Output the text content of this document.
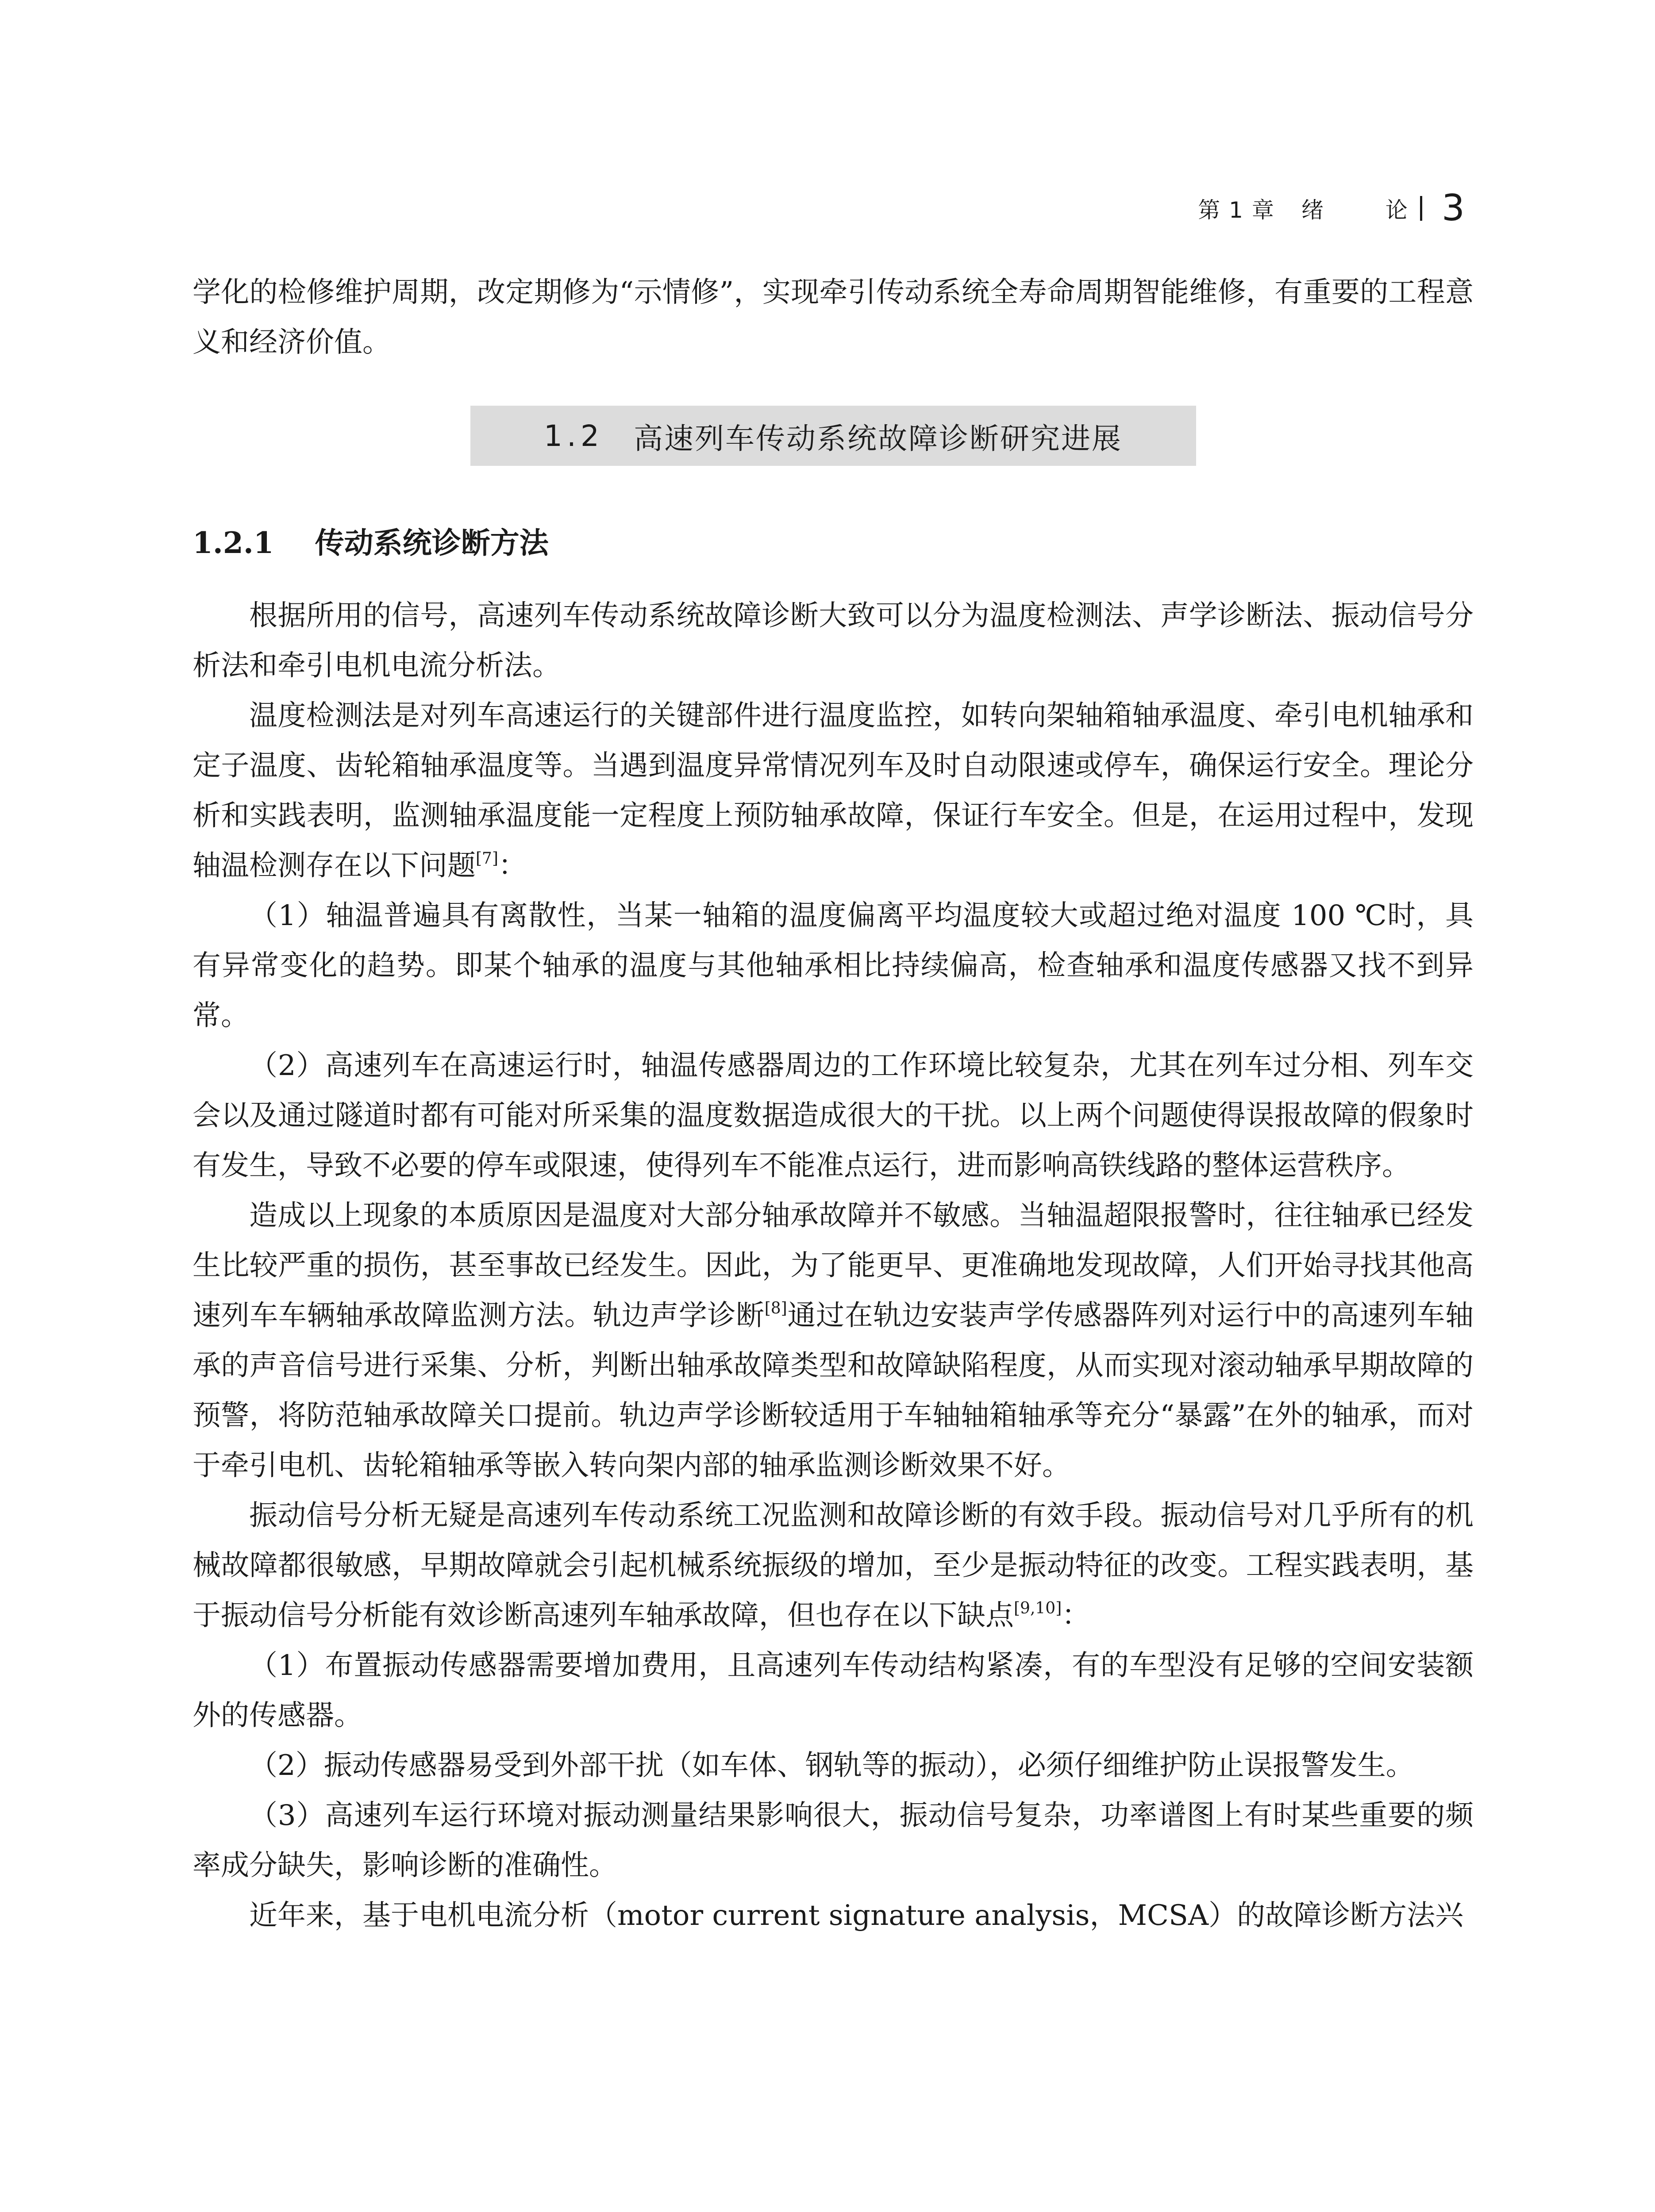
第 1 章 绪	论 3

学化的检修维护周期，改定期修为“示情修”，实现牵引传动系统全寿命周期智能维修，有重要的工程意义和经济价值。

1.2 高速列车传动系统故障诊断研究进展
1.2.1 传动系统诊断方法

根据所用的信号，高速列车传动系统故障诊断大致可以分为温度检测法、声学诊断法、振动信号分析法和牵引电机电流分析法。

温度检测法是对列车高速运行的关键部件进行温度监控，如转向架轴箱轴承温度、牵引电机轴承和定子温度、齿轮箱轴承温度等。当遇到温度异常情况列车及时自动限速或停车，确保运行安全。理论分析和实践表明，监测轴承温度能一定程度上预防轴承故障，保证行车安全。但是，在运用过程中，发现轴温检测存在以下问题[7]：

（1）轴温普遍具有离散性，当某一轴箱的温度偏离平均温度较大或超过绝对温度 100 ℃时，具有异常变化的趋势。即某个轴承的温度与其他轴承相比持续偏高，检查轴承和温度传感器又找不到异常。

（2）高速列车在高速运行时，轴温传感器周边的工作环境比较复杂，尤其在列车过分相、列车交会以及通过隧道时都有可能对所采集的温度数据造成很大的干扰。以上两个问题使得误报故障的假象时有发生，导致不必要的停车或限速，使得列车不能准点运行，进而影响高铁线路的整体运营秩序。

造成以上现象的本质原因是温度对大部分轴承故障并不敏感。当轴温超限报警时，往往轴承已经发生比较严重的损伤，甚至事故已经发生。因此，为了能更早、更准确地发现故障，人们开始寻找其他高速列车车辆轴承故障监测方法。轨边声学诊断[8]通过在轨边安装声学传感器阵列对运行中的高速列车轴承的声音信号进行采集、分析，判断出轴承故障类型和故障缺陷程度，从而实现对滚动轴承早期故障的预警，将防范轴承故障关口提前。轨边声学诊断较适用于车轴轴箱轴承等充分“暴露”在外的轴承，而对于牵引电机、齿轮箱轴承等嵌入转向架内部的轴承监测诊断效果不好。

振动信号分析无疑是高速列车传动系统工况监测和故障诊断的有效手段。振动信号对几乎所有的机械故障都很敏感，早期故障就会引起机械系统振级的增加，至少是振动特征的改变。工程实践表明，基于振动信号分析能有效诊断高速列车轴承故障，但也存在以下缺点[9,10]：

（1）布置振动传感器需要增加费用，且高速列车传动结构紧凑，有的车型没有足够的空间安装额外的传感器。

（2）振动传感器易受到外部干扰（如车体、钢轨等的振动），必须仔细维护防止误报警发生。

（3）高速列车运行环境对振动测量结果影响很大，振动信号复杂，功率谱图上有时某些重要的频率成分缺失，影响诊断的准确性。

近年来，基于电机电流分析（motor current signature analysis，MCSA）的故障诊断方法兴
